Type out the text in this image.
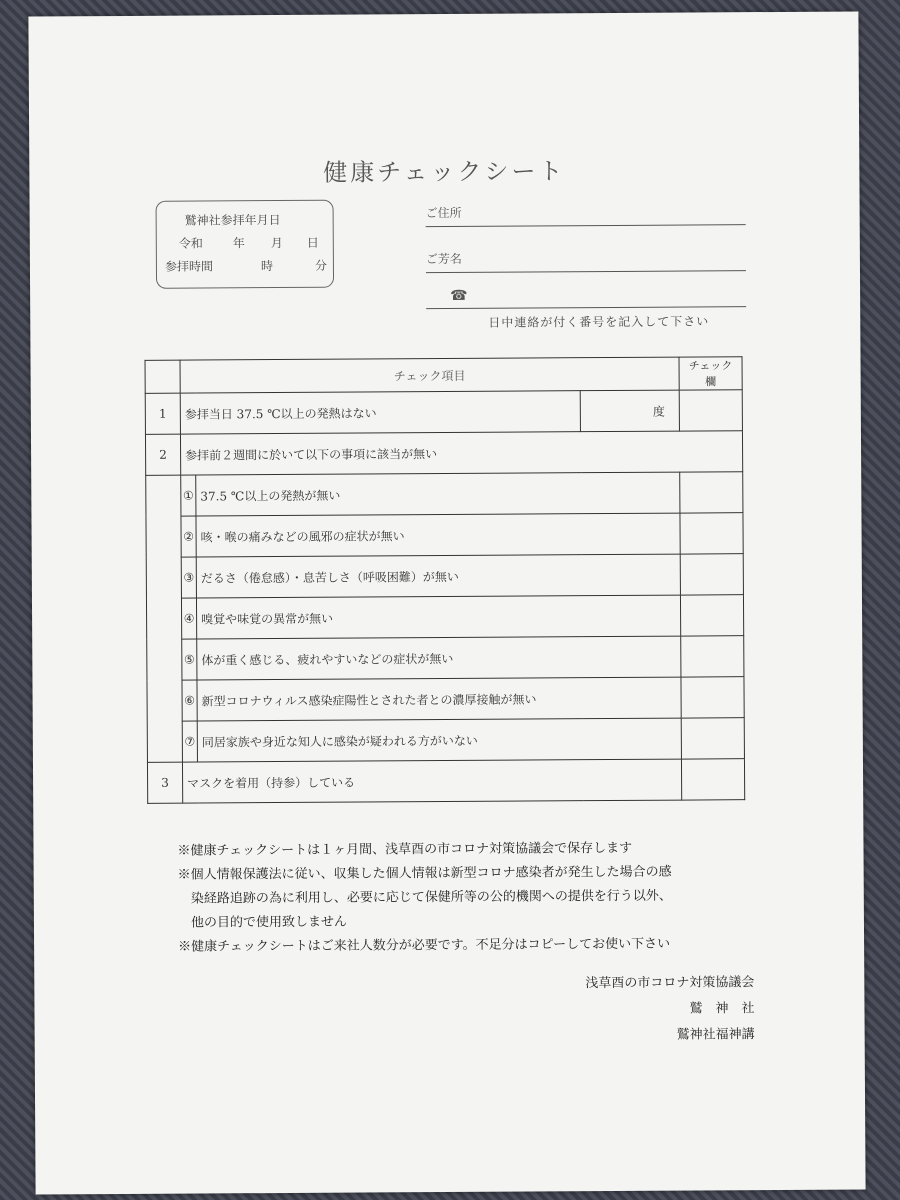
健康チェックシート
鷲神社参拝年月日
令和 年 月 日
参拝時間	時	分
ご住所
ご芳名
☎
日中連絡が付く番号を記入して下さい
	チェック項目			チェック欄
1	参拝当日 37.5 ℃以上の発熱はない		度	
2	参拝前２週間に於いて以下の事項に該当が無い			
	①	37.5 ℃以上の発熱が無い		
	②	咳・喉の痛みなどの風邪の症状が無い		
	③	だるさ（倦怠感）・息苦しさ（呼吸困難）が無い		
	④	嗅覚や味覚の異常が無い		
	⑤	体が重く感じる、疲れやすいなどの症状が無い		
	⑥	新型コロナウィルス感染症陽性とされた者との濃厚接触が無い		
	⑦	同居家族や身近な知人に感染が疑われる方がいない		
3	マスクを着用（持参）している			
※健康チェックシートは１ヶ月間、浅草酉の市コロナ対策協議会で保存します
※個人情報保護法に従い、収集した個人情報は新型コロナ感染者が発生した場合の感
　染経路追跡の為に利用し、必要に応じて保健所等の公的機関への提供を行う以外、
　他の目的で使用致しません
※健康チェックシートはご来社人数分が必要です。不足分はコピーしてお使い下さい
浅草酉の市コロナ対策協議会
鷲　神　社
鷲神社福神講
